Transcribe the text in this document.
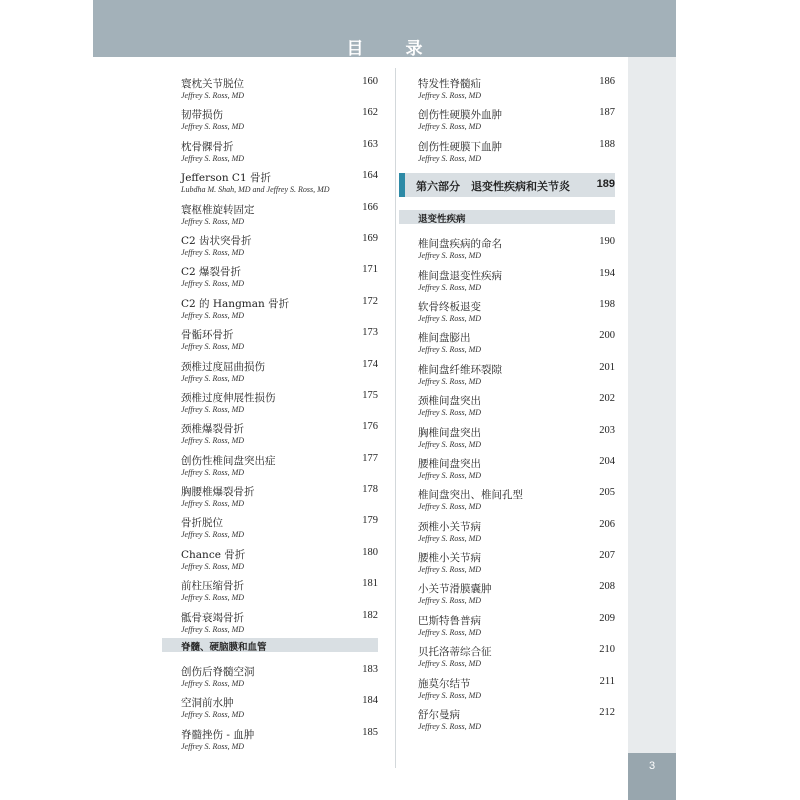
目 录
3
寰枕关节脱位	160
Jeffrey S. Ross, MD
韧带损伤	162
Jeffrey S. Ross, MD
枕骨髁骨折	163
Jeffrey S. Ross, MD
Jefferson C1 骨折	164
Lubdha M. Shah, MD and Jeffrey S. Ross, MD
寰枢椎旋转固定	166
Jeffrey S. Ross, MD
C2 齿状突骨折	169
Jeffrey S. Ross, MD
C2 爆裂骨折	171
Jeffrey S. Ross, MD
C2 的 Hangman 骨折	172
Jeffrey S. Ross, MD
骨骺环骨折	173
Jeffrey S. Ross, MD
颈椎过度屈曲损伤	174
Jeffrey S. Ross, MD
颈椎过度伸展性损伤	175
Jeffrey S. Ross, MD
颈椎爆裂骨折	176
Jeffrey S. Ross, MD
创伤性椎间盘突出症	177
Jeffrey S. Ross, MD
胸腰椎爆裂骨折	178
Jeffrey S. Ross, MD
骨折脱位	179
Jeffrey S. Ross, MD
Chance 骨折	180
Jeffrey S. Ross, MD
前柱压缩骨折	181
Jeffrey S. Ross, MD
骶骨衰竭骨折	182
Jeffrey S. Ross, MD
脊髓、硬脑膜和血管
创伤后脊髓空洞	183
Jeffrey S. Ross, MD
空洞前水肿	184
Jeffrey S. Ross, MD
脊髓挫伤 - 血肿	185
Jeffrey S. Ross, MD
特发性脊髓疝	186
Jeffrey S. Ross, MD
创伤性硬膜外血肿	187
Jeffrey S. Ross, MD
创伤性硬膜下血肿	188
Jeffrey S. Ross, MD
第六部分　退变性疾病和关节炎 189
退变性疾病
椎间盘疾病的命名	190
Jeffrey S. Ross, MD
椎间盘退变性疾病	194
Jeffrey S. Ross, MD
软骨终板退变	198
Jeffrey S. Ross, MD
椎间盘膨出	200
Jeffrey S. Ross, MD
椎间盘纤维环裂隙	201
Jeffrey S. Ross, MD
颈椎间盘突出	202
Jeffrey S. Ross, MD
胸椎间盘突出	203
Jeffrey S. Ross, MD
腰椎间盘突出	204
Jeffrey S. Ross, MD
椎间盘突出、椎间孔型	205
Jeffrey S. Ross, MD
颈椎小关节病	206
Jeffrey S. Ross, MD
腰椎小关节病	207
Jeffrey S. Ross, MD
小关节滑膜囊肿	208
Jeffrey S. Ross, MD
巴斯特鲁普病	209
Jeffrey S. Ross, MD
贝托洛蒂综合征	210
Jeffrey S. Ross, MD
施莫尔结节	211
Jeffrey S. Ross, MD
舒尔曼病	212
Jeffrey S. Ross, MD
